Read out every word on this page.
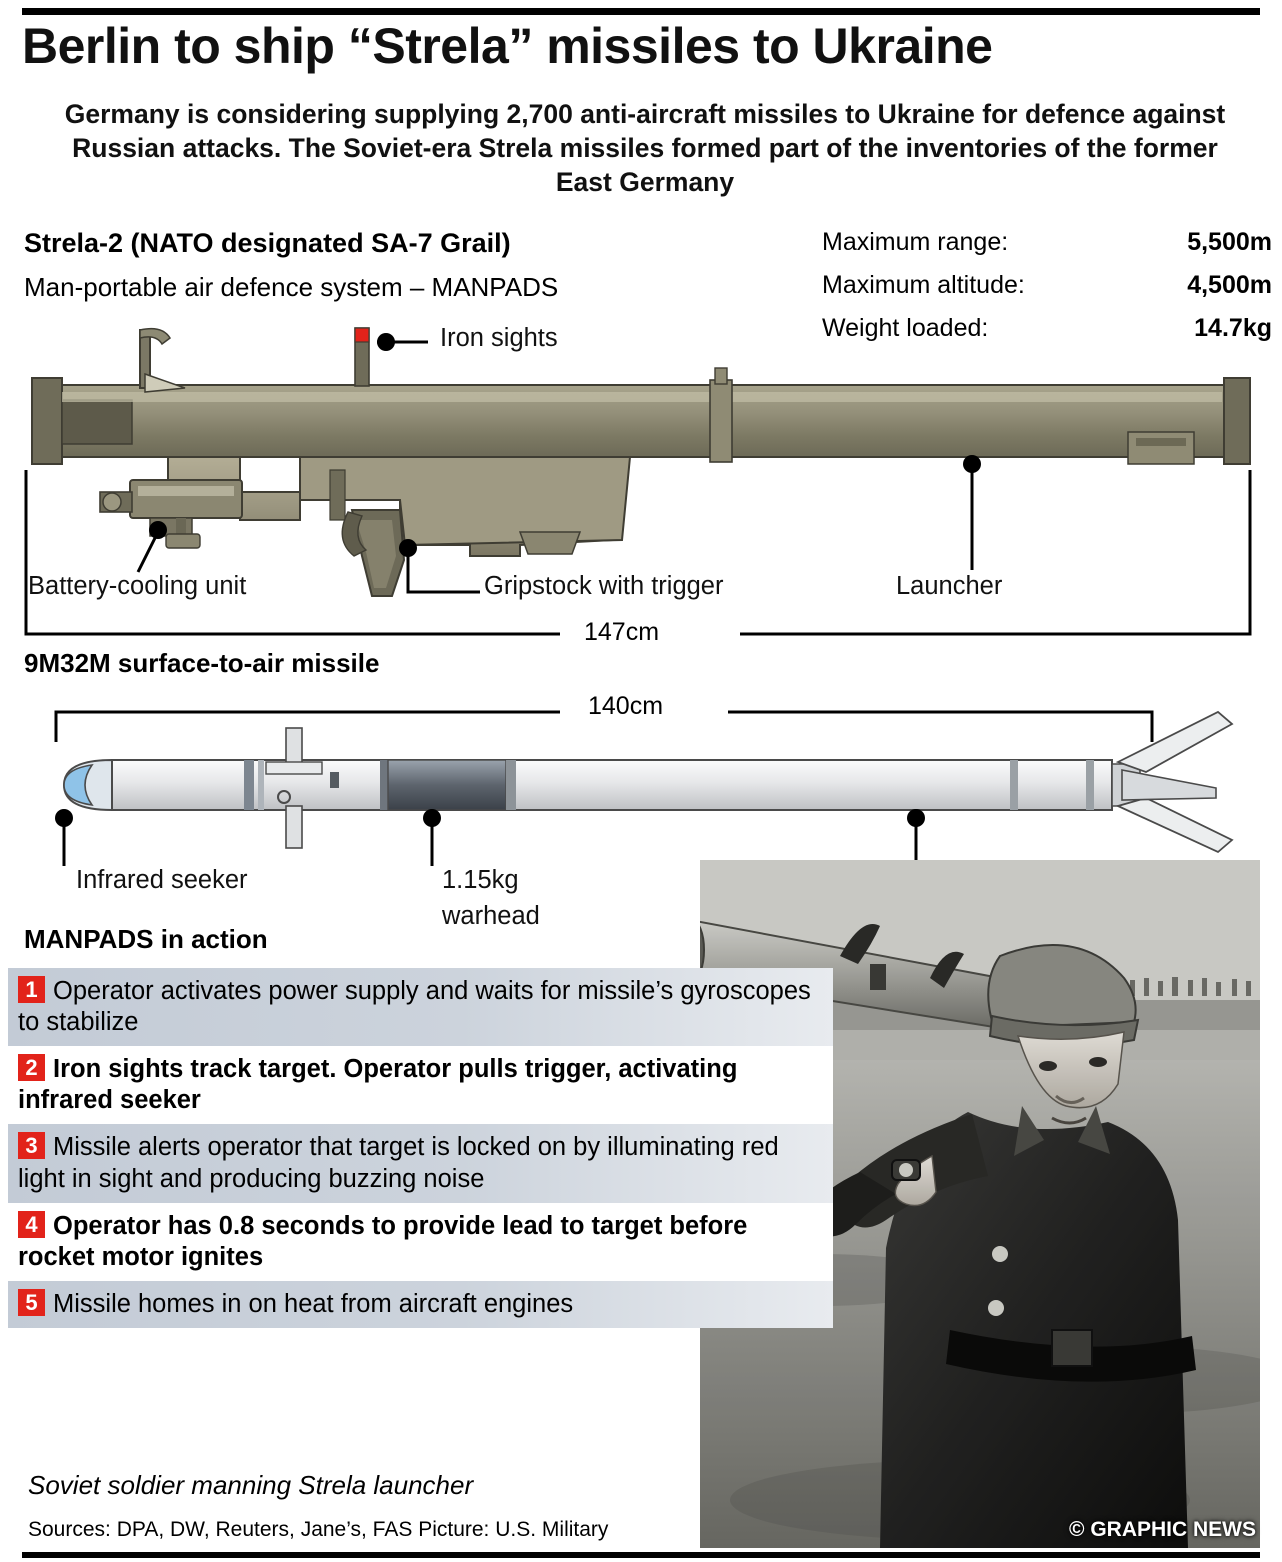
Berlin to ship “Strela” missiles to Ukraine
Germany is considering supplying 2,700 anti-aircraft missiles to Ukraine for defence against Russian attacks. The Soviet-era Strela missiles formed part of the inventories of the former East Germany
Strela-2 (NATO designated SA-7 Grail)
Man-portable air defence system – MANPADS
Maximum range:	5,500m
Maximum altitude:	4,500m
Weight loaded:	14.7kg
Iron sights
Battery-cooling unit	Gripstock with trigger	Launcher
147cm
9M32M surface-to-air missile
140cm
Infrared seeker	1.15kg
warhead
MANPADS in action
1 Operator activates power supply and waits for missile’s gyroscopes to stabilize
2 Iron sights track target. Operator pulls trigger, activating infrared seeker
3 Missile alerts operator that target is locked on by illuminating red light in sight and producing buzzing noise
4 Operator has 0.8 seconds to provide lead to target before rocket motor ignites
5 Missile homes in on heat from aircraft engines
Soviet soldier manning Strela launcher
Sources: DPA, DW, Reuters, Jane’s, FAS Picture: U.S. Military	© GRAPHIC NEWS
